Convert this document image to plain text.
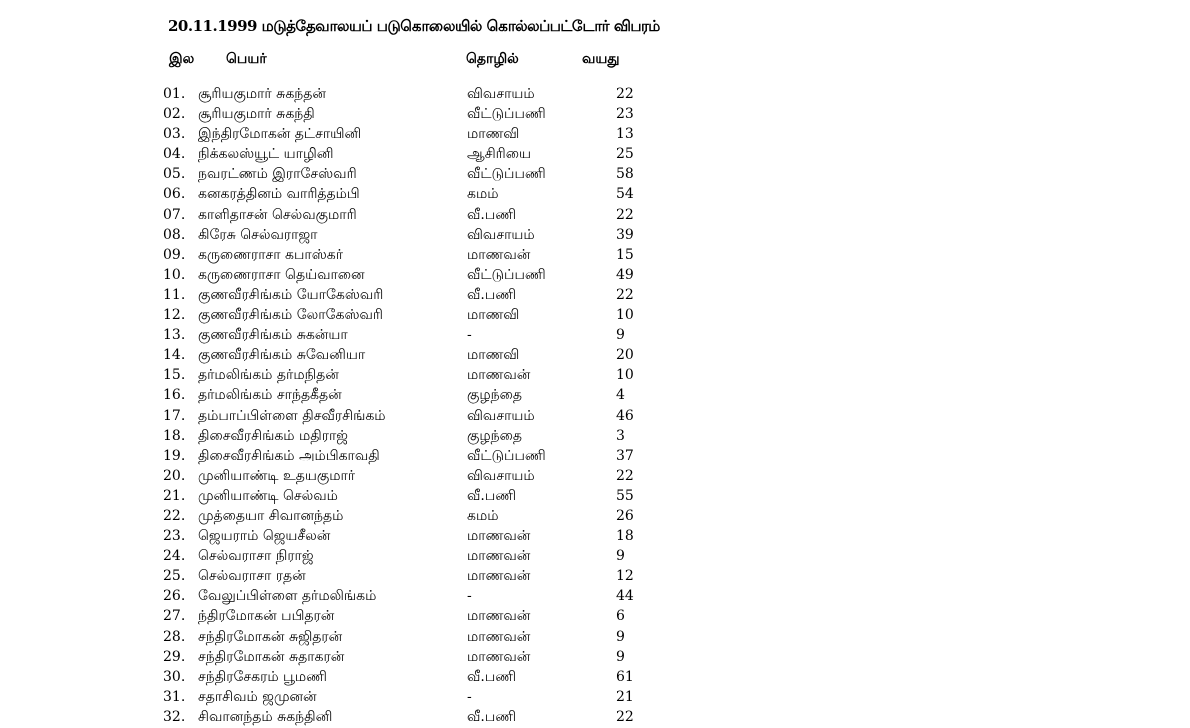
20.11.1999 மடுத்தேவாலயப் படுகொலையில் கொல்லப்பட்டோர் விபரம்
இல பெயர்	தொழில்	வயது
01. சூரியகுமார் சுகந்தன்	விவசாயம்	22
02. சூரியகுமார் சுகந்தி	வீட்டுப்பணி	23
03. இந்திரமோகன் தட்சாயினி	மாணவி	13
04. நிக்கலஸ்யூட் யாழினி	ஆசிரியை	25
05. நவரட்ணம் இராசேஸ்வரி	வீட்டுப்பணி	58
06. கனகரத்தினம் வாரித்தம்பி	கமம்	54
07. காளிதாசன் செல்வகுமாரி	வீ.பணி	22
08. கிரேசு செல்வராஜா	விவசாயம்	39
09. கருணைராசா கபாஸ்கர்	மாணவன்	15
10. கருணைராசா தெய்வானை	வீட்டுப்பணி	49
11. குணவீரசிங்கம் யோகேஸ்வரி	வீ.பணி	22
12. குணவீரசிங்கம் லோகேஸ்வரி	மாணவி	10
13. குணவீரசிங்கம் சுகன்யா	-	9
14. குணவீரசிங்கம் சுவேனியா	மாணவி	20
15. தர்மலிங்கம் தர்மநிதன்	மாணவன்	10
16. தர்மலிங்கம் சாந்தகீதன்	குழந்தை	4
17. தம்பாப்பிள்ளை திசவீரசிங்கம்	விவசாயம்	46
18. திசைவீரசிங்கம் மதிராஜ்	குழந்தை	3
19. திசைவீரசிங்கம் அம்பிகாவதி	வீட்டுப்பணி	37
20. முனியாண்டி உதயகுமார்	விவசாயம்	22
21. முனியாண்டி செல்வம்	வீ.பணி	55
22. முத்தையா சிவானந்தம்	கமம்	26
23. ஜெயராம் ஜெயசீலன்	மாணவன்	18
24. செல்வராசா நிராஜ்	மாணவன்	9
25. செல்வராசா ரதன்	மாணவன்	12
26. வேலுப்பிள்ளை தர்மலிங்கம்	-	44
27. ந்திரமோகன் பபிதரன்	மாணவன்	6
28. சந்திரமோகன் சுஜிதரன்	மாணவன்	9
29. சந்திரமோகன் சுதாகரன்	மாணவன்	9
30. சந்திரசேகரம் பூமணி	வீ.பணி	61
31. சதாசிவம் ஜமுனன்	-	21
32. சிவானந்தம் சுகந்தினி	வீ.பணி	22
